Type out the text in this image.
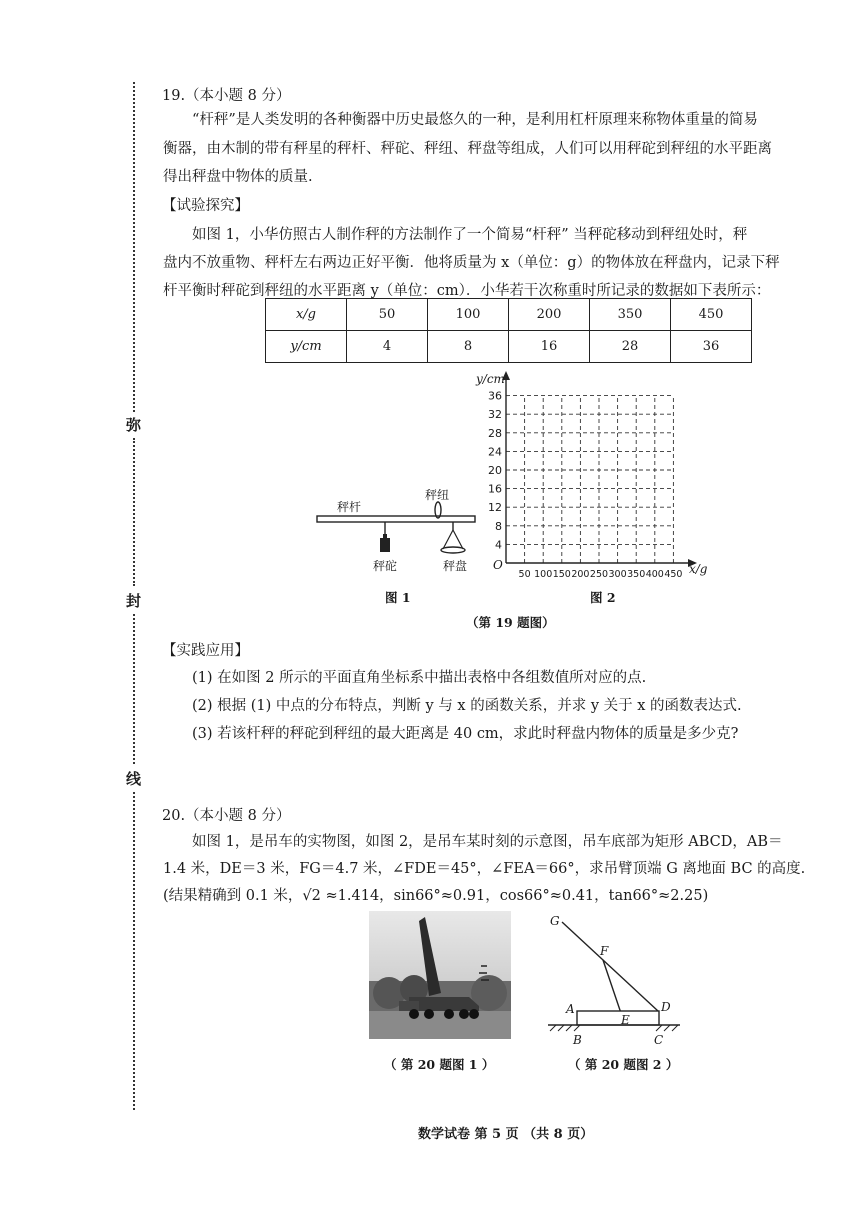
弥
封
线
19.（本小题 8 分）
“杆秤”是人类发明的各种衡器中历史最悠久的一种，是利用杠杆原理来称物体重量的简易
衡器，由木制的带有秤星的秤杆、秤砣、秤纽、秤盘等组成，人们可以用秤砣到秤纽的水平距离
得出秤盘中物体的质量.
【试验探究】
如图 1，小华仿照古人制作秤的方法制作了一个简易“杆秤” 当秤砣移动到秤纽处时，秤
盘内不放重物、秤杆左右两边正好平衡．他将质量为 x（单位：g）的物体放在秤盘内，记录下秤
杆平衡时秤砣到秤纽的水平距离 y（单位：cm）．小华若干次称重时所记录的数据如下表所示：
x/g	50	100	200	350	450
y/cm	4	8	16	28	36
秤杆
秤纽
秤砣	秤盘
图 1
4
8
12
16
20
24
28
32
36
50 100 150 200 250 300 350 400 450
y/cm
x/g
O
图 2
（第 19 题图）
【实践应用】
(1) 在如图 2 所示的平面直角坐标系中描出表格中各组数值所对应的点.
(2) 根据 (1) 中点的分布特点，判断 y 与 x 的函数关系，并求 y 关于 x 的函数表达式.
(3) 若该杆秤的秤砣到秤纽的最大距离是 40 cm，求此时秤盘内物体的质量是多少克?
20.（本小题 8 分）
如图 1，是吊车的实物图，如图 2，是吊车某时刻的示意图，吊车底部为矩形 ABCD，AB＝
1.4 米，DE＝3 米，FG＝4.7 米，∠FDE＝45°，∠FEA＝66°，求吊臂顶端 G 离地面 BC 的高度.
(结果精确到 0.1 米，√2 ≈1.414，sin66°≈0.91，cos66°≈0.41，tan66°≈2.25)
（ 第 20 题图 1 ）
G
F
A	D
E
B	C
（ 第 20 题图 2 ）
数学试卷 第 5 页 （共 8 页）
